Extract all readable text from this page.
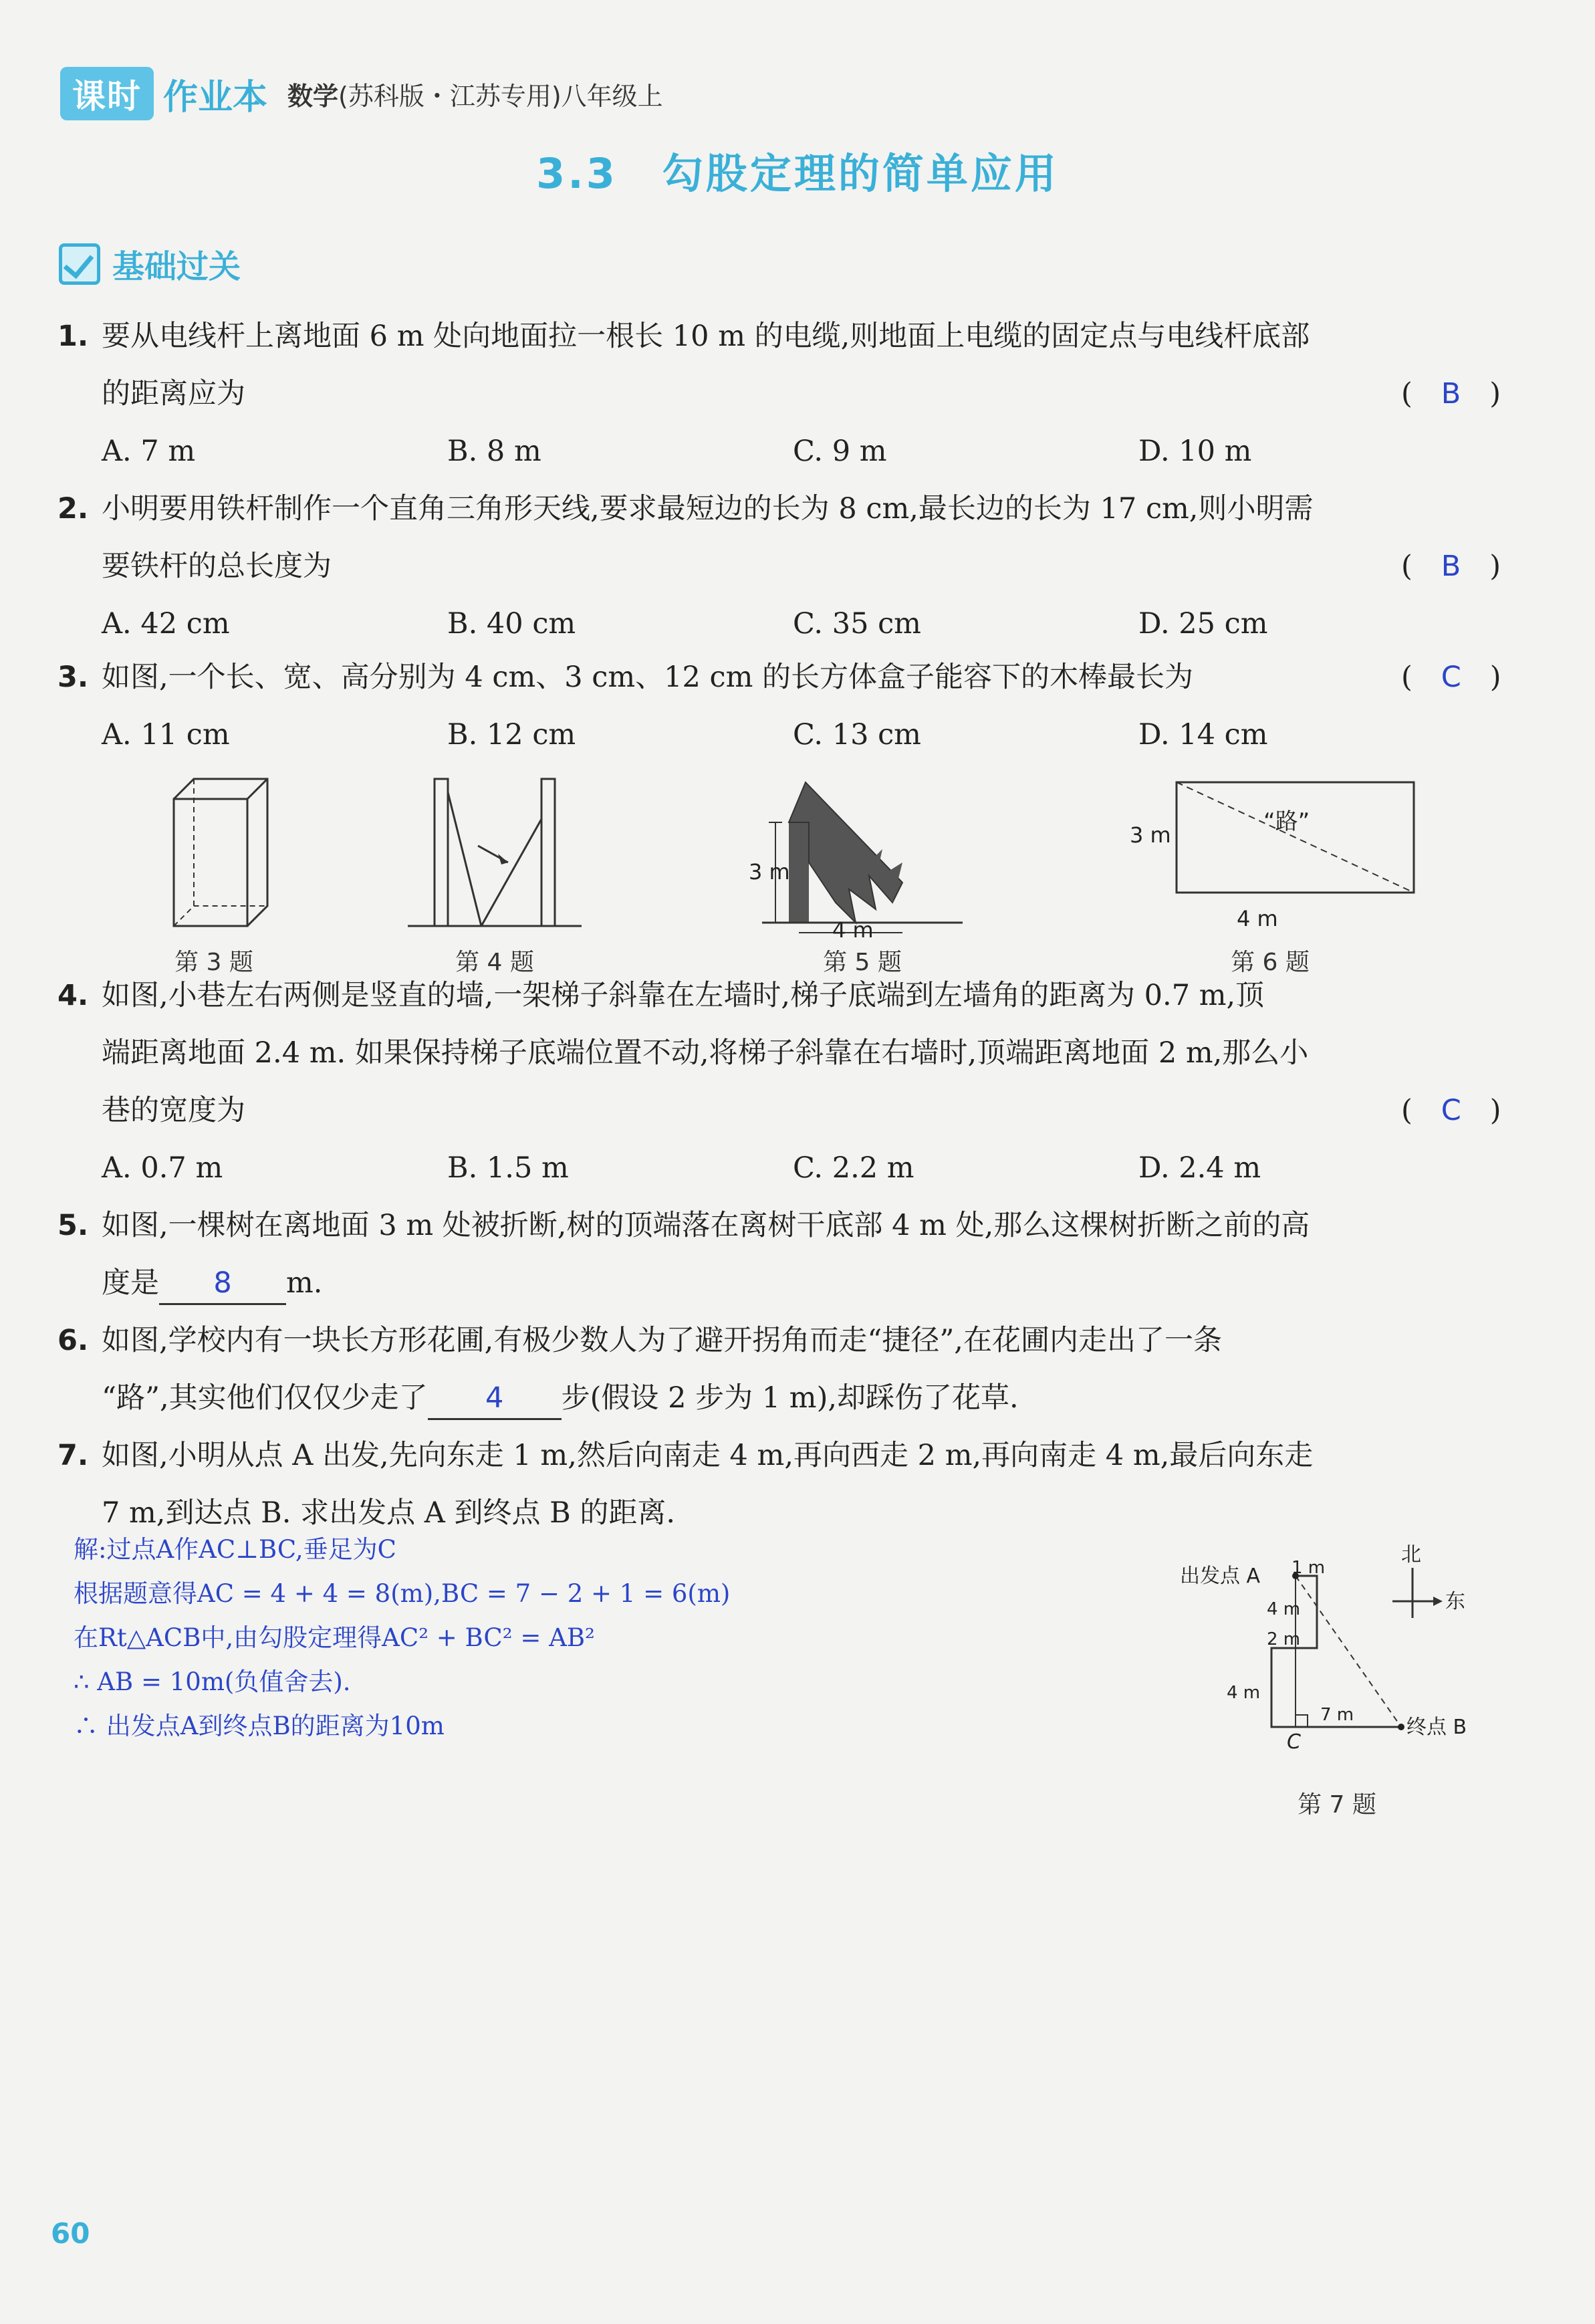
课时 作业本 数学(苏科版・江苏专用)八年级上
3.3　勾股定理的简单应用
基础过关
1. 要从电线杆上离地面 6 m 处向地面拉一根长 10 m 的电缆,则地面上电缆的固定点与电线杆底部
的距离应为	(　B　)
A. 7 m	B. 8 m	C. 9 m	D. 10 m
2. 小明要用铁杆制作一个直角三角形天线,要求最短边的长为 8 cm,最长边的长为 17 cm,则小明需
要铁杆的总长度为	(　B　)
A. 42 cm	B. 40 cm	C. 35 cm	D. 25 cm
3. 如图,一个长、宽、高分别为 4 cm、3 cm、12 cm 的长方体盒子能容下的木棒最长为	(　C　)
A. 11 cm	B. 12 cm	C. 13 cm	D. 14 cm
第 3 题	第 4 题
3 m
4 m
第 5 题
3 m	“路”
4 m
第 6 题
4. 如图,小巷左右两侧是竖直的墙,一架梯子斜靠在左墙时,梯子底端到左墙角的距离为 0.7 m,顶
端距离地面 2.4 m. 如果保持梯子底端位置不动,将梯子斜靠在右墙时,顶端距离地面 2 m,那么小
巷的宽度为	(　C　)
A. 0.7 m	B. 1.5 m	C. 2.2 m	D. 2.4 m
5. 如图,一棵树在离地面 3 m 处被折断,树的顶端落在离树干底部 4 m 处,那么这棵树折断之前的高
度是 8 m.
6. 如图,学校内有一块长方形花圃,有极少数人为了避开拐角而走“捷径”,在花圃内走出了一条
“路”,其实他们仅仅少走了 4 步(假设 2 步为 1 m),却踩伤了花草.
7. 如图,小明从点 A 出发,先向东走 1 m,然后向南走 4 m,再向西走 2 m,再向南走 4 m,最后向东走
7 m,到达点 B. 求出发点 A 到终点 B 的距离.
解:过点A作AC⊥BC,垂足为C
根据题意得AC = 4 + 4 = 8(m),BC = 7 − 2 + 1 = 6(m)
在Rt△ACB中,由勾股定理得AC² + BC² = AB²
∴ AB = 10m(负值舍去).
∴ 出发点A到终点B的距离为10m
出发点 A
终点 B
C
1 m
4 m
2 m
4 m
7 m
北
东
第 7 题
60
